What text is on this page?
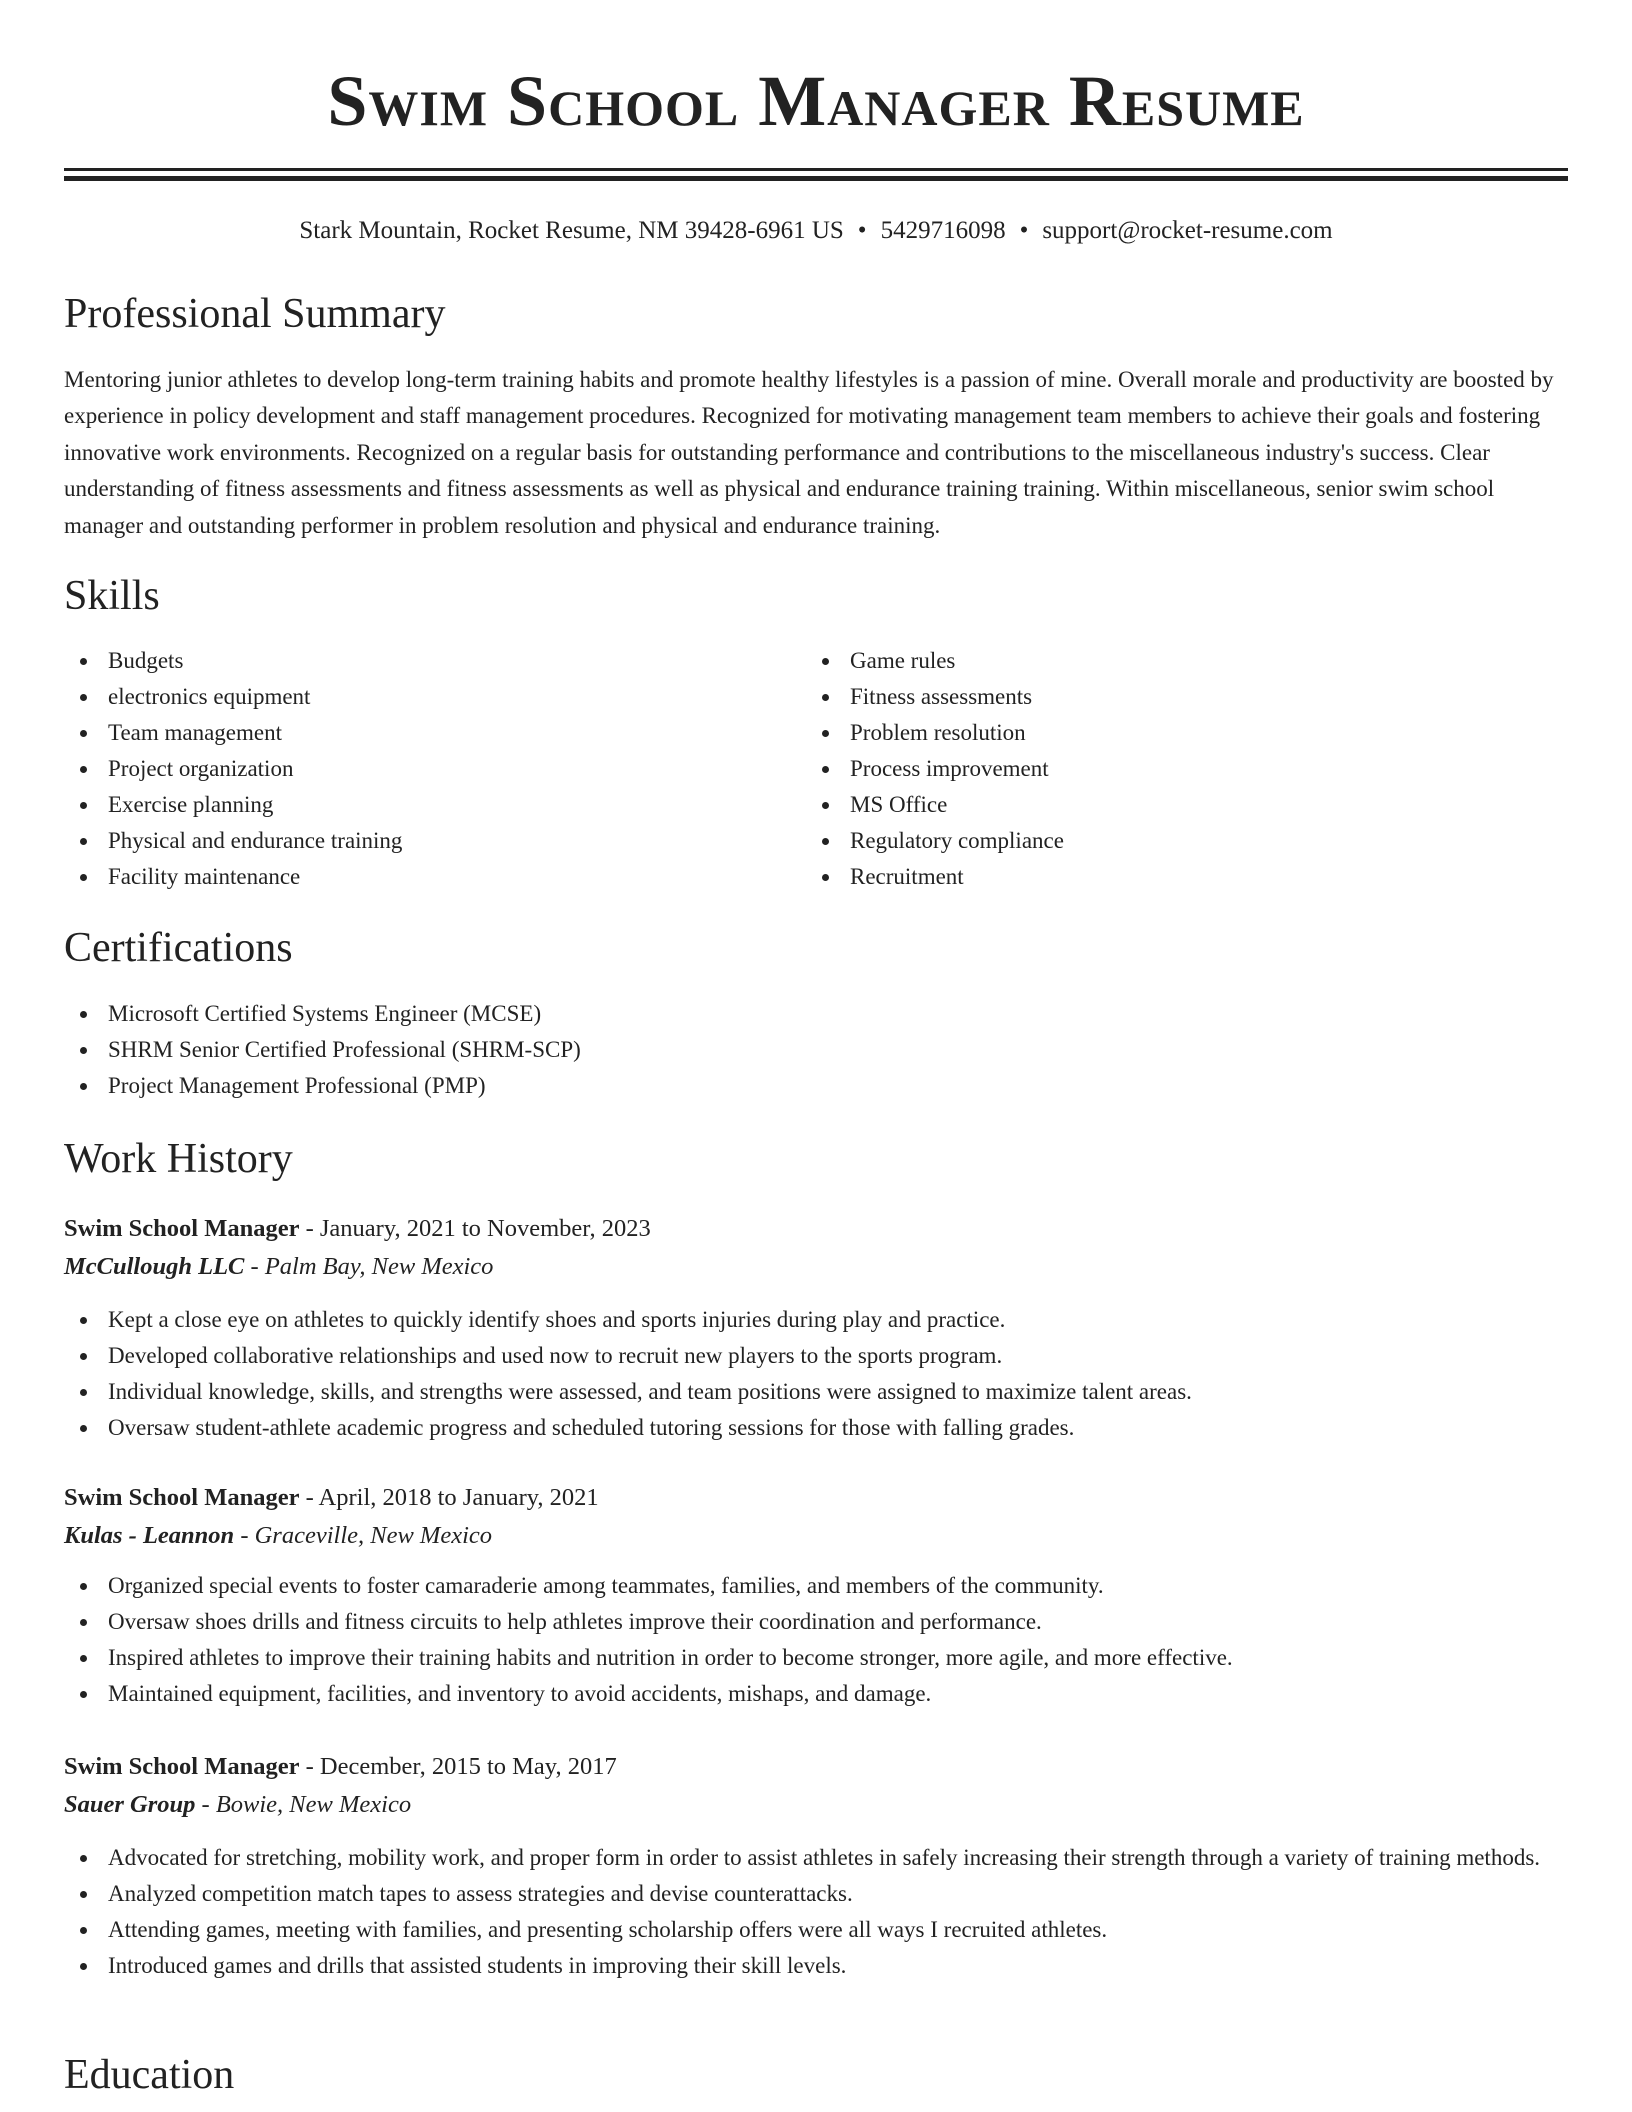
Swim School Manager Resume
Stark Mountain, Rocket Resume, NM 39428-6961 US • 5429716098 • support@rocket-resume.com
Professional Summary

Mentoring junior athletes to develop long-term training habits and promote healthy lifestyles is a passion of mine. Overall morale and productivity are boosted by experience in policy development and staff management procedures. Recognized for motivating management team members to achieve their goals and fostering innovative work environments. Recognized on a regular basis for outstanding performance and contributions to the miscellaneous industry's success. Clear understanding of fitness assessments and fitness assessments as well as physical and endurance training training. Within miscellaneous, senior swim school manager and outstanding performer in problem resolution and physical and endurance training.

Skills
Budgets
electronics equipment
Team management
Project organization
Exercise planning
Physical and endurance training
Facility maintenance
Game rules
Fitness assessments
Problem resolution
Process improvement
MS Office
Regulatory compliance
Recruitment
Certifications
Microsoft Certified Systems Engineer (MCSE)
SHRM Senior Certified Professional (SHRM-SCP)
Project Management Professional (PMP)
Work History
Swim School Manager - January, 2021 to November, 2023
McCullough LLC - Palm Bay, New Mexico
Kept a close eye on athletes to quickly identify shoes and sports injuries during play and practice.
Developed collaborative relationships and used now to recruit new players to the sports program.
Individual knowledge, skills, and strengths were assessed, and team positions were assigned to maximize talent areas.
Oversaw student-athlete academic progress and scheduled tutoring sessions for those with falling grades.
Swim School Manager - April, 2018 to January, 2021
Kulas - Leannon - Graceville, New Mexico
Organized special events to foster camaraderie among teammates, families, and members of the community.
Oversaw shoes drills and fitness circuits to help athletes improve their coordination and performance.
Inspired athletes to improve their training habits and nutrition in order to become stronger, more agile, and more effective.
Maintained equipment, facilities, and inventory to avoid accidents, mishaps, and damage.
Swim School Manager - December, 2015 to May, 2017
Sauer Group - Bowie, New Mexico
Advocated for stretching, mobility work, and proper form in order to assist athletes in safely increasing their strength through a variety of training methods.
Analyzed competition match tapes to assess strategies and devise counterattacks.
Attending games, meeting with families, and presenting scholarship offers were all ways I recruited athletes.
Introduced games and drills that assisted students in improving their skill levels.
Education
